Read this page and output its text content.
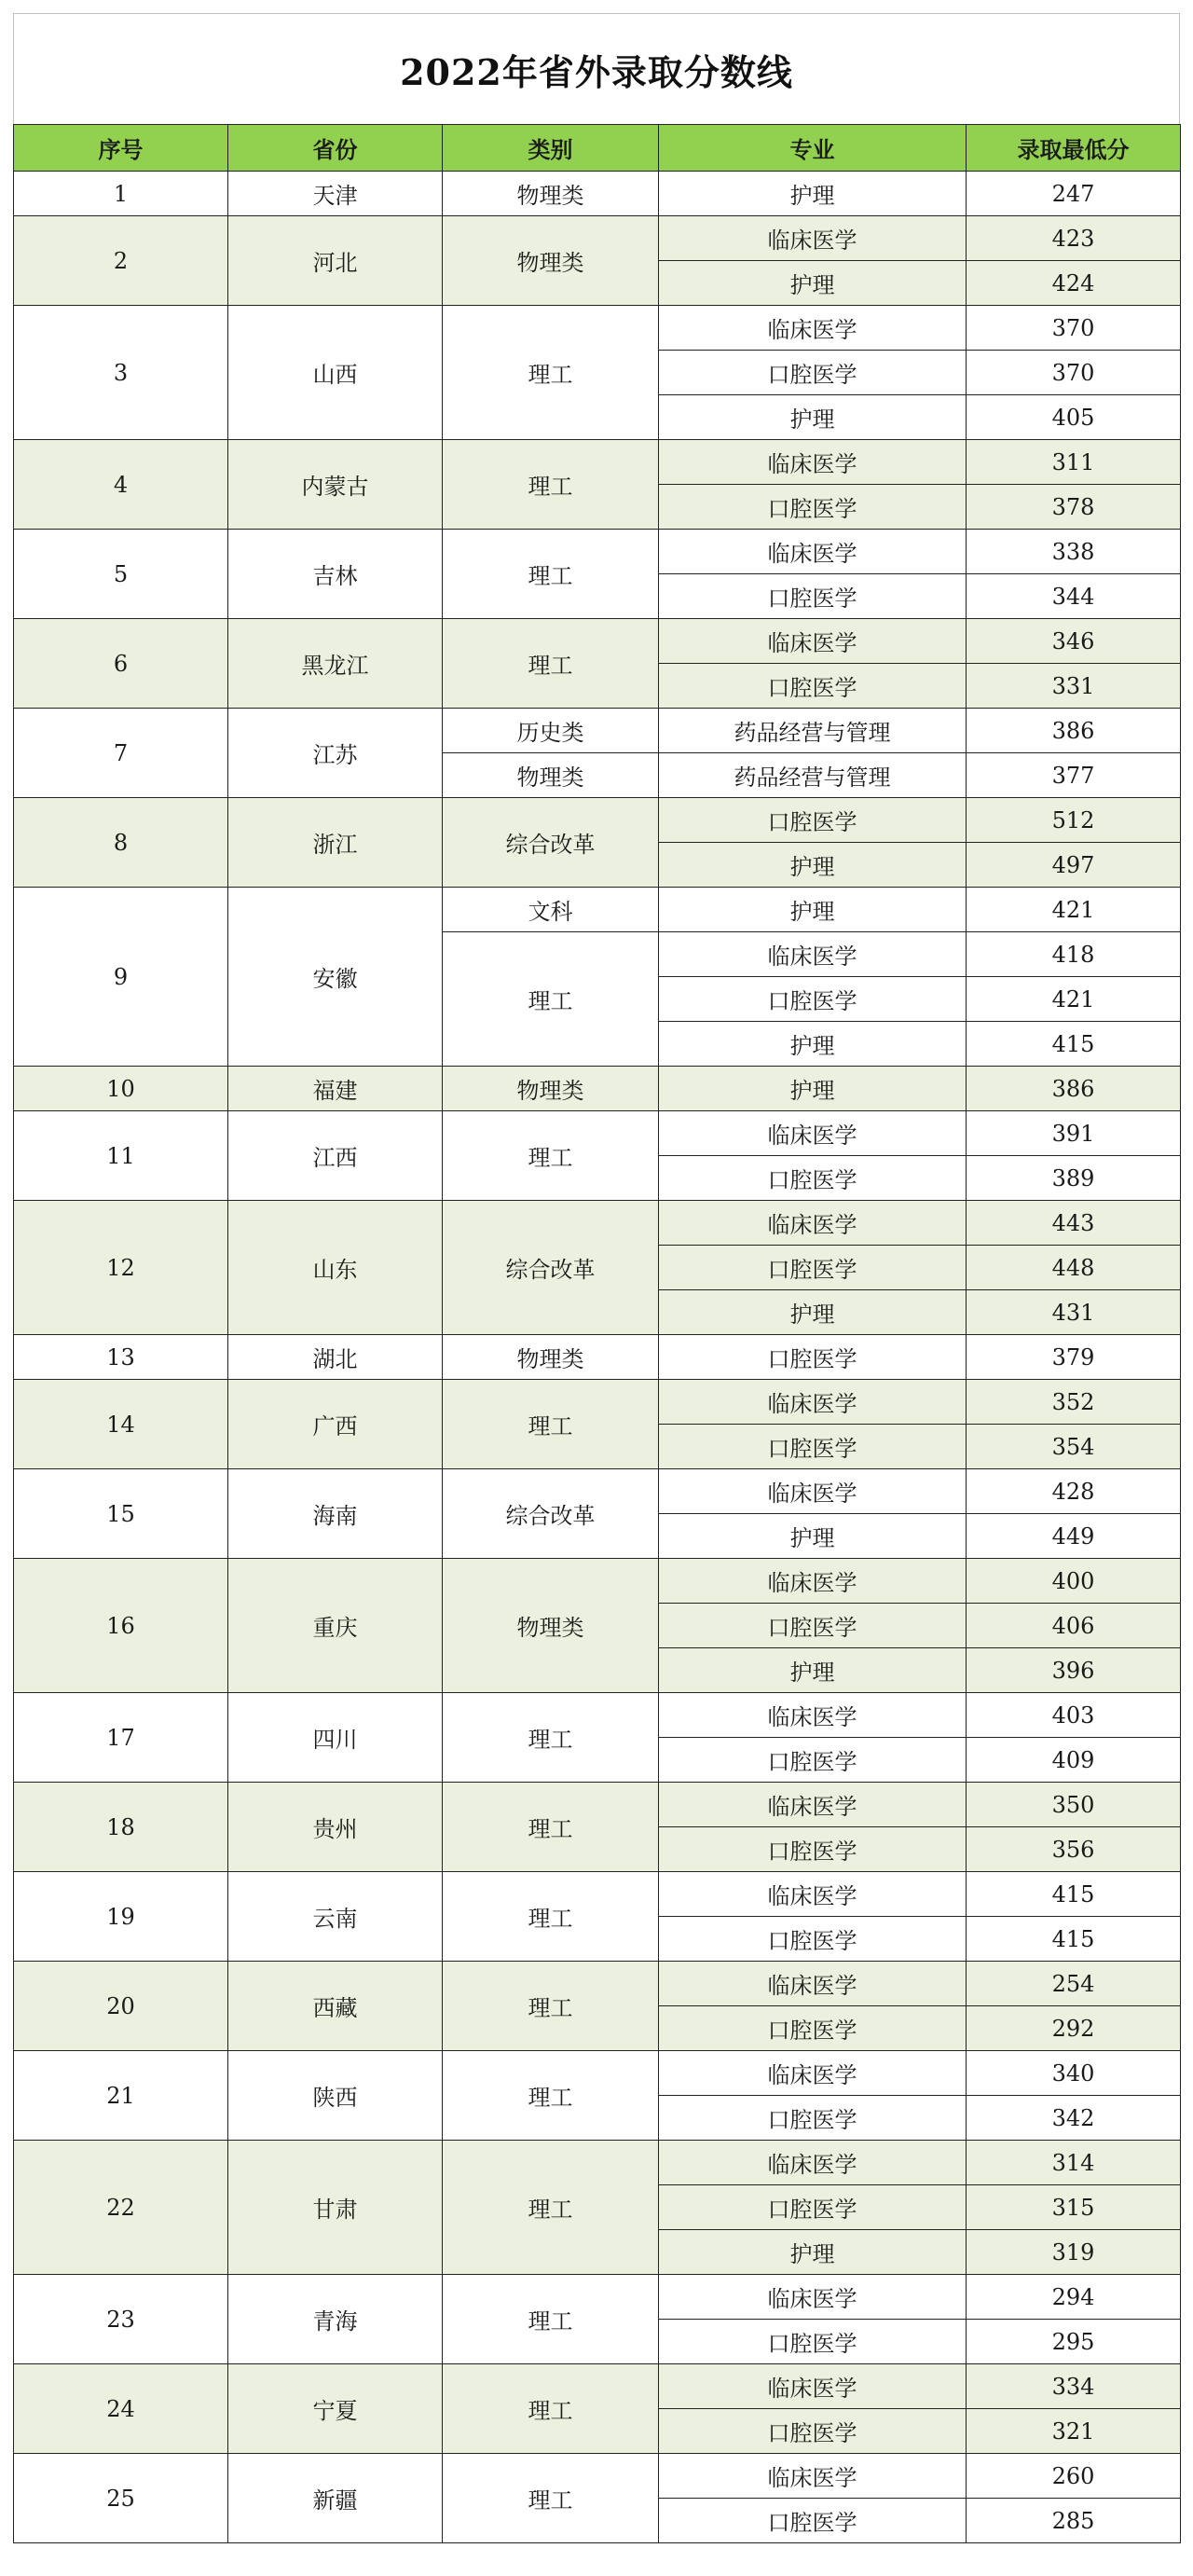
2022年省外录取分数线
序号	省份	类别	专业	录取最低分
1	天津	物理类	护理	247
2	河北	物理类	临床医学	423
			护理	424
3	山西	理工	临床医学	370
			口腔医学	370
			护理	405
4	内蒙古	理工	临床医学	311
			口腔医学	378
5	吉林	理工	临床医学	338
			口腔医学	344
6	黑龙江	理工	临床医学	346
			口腔医学	331
7	江苏	历史类	药品经营与管理	386
		物理类	药品经营与管理	377
8	浙江	综合改革	口腔医学	512
			护理	497
9	安徽	文科	护理	421
		理工	临床医学	418
			口腔医学	421
			护理	415
10	福建	物理类	护理	386
11	江西	理工	临床医学	391
			口腔医学	389
12	山东	综合改革	临床医学	443
			口腔医学	448
			护理	431
13	湖北	物理类	口腔医学	379
14	广西	理工	临床医学	352
			口腔医学	354
15	海南	综合改革	临床医学	428
			护理	449
16	重庆	物理类	临床医学	400
			口腔医学	406
			护理	396
17	四川	理工	临床医学	403
			口腔医学	409
18	贵州	理工	临床医学	350
			口腔医学	356
19	云南	理工	临床医学	415
			口腔医学	415
20	西藏	理工	临床医学	254
			口腔医学	292
21	陕西	理工	临床医学	340
			口腔医学	342
22	甘肃	理工	临床医学	314
			口腔医学	315
			护理	319
23	青海	理工	临床医学	294
			口腔医学	295
24	宁夏	理工	临床医学	334
			口腔医学	321
25	新疆	理工	临床医学	260
			口腔医学	285
